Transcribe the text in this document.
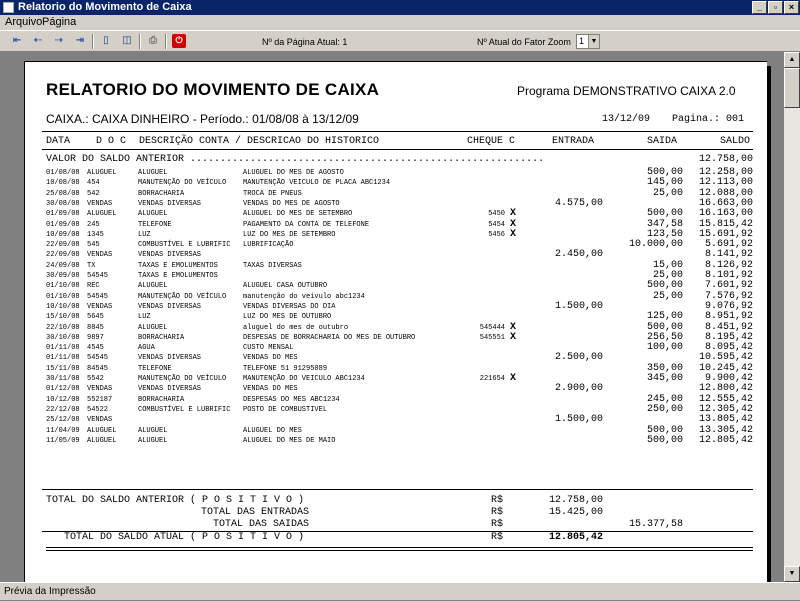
Relatorio do Movimento de Caixa	_	▫	×
Arquivo Página
⇤ ⇠ ⇢ ⇥	▯	◫	⎙	⏻	Nº da Página Atual: 1	Nº Atual do Fator Zoom 1 ▼
▲
▼
Prévia da Impressão
RELATORIO DO MOVIMENTO DE CAIXA	Programa DEMONSTRATIVO CAIXA 2.0
CAIXA.: CAIXA DINHEIRO - Período.: 01/08/08 à 13/12/09	13/12/09 Pagina.: 001
DATA	D O C DESCRIÇÃO CONTA / DESCRICAO DO HISTORICO	CHEQUE C	ENTRADA	SAIDA	SALDO
VALOR DO SALDO ANTERIOR ...........................................................	12.758,00
01/08/08 ALUGUEL	ALUGUEL	ALUGUEL DO MES DE AGOSTO	500,00	12.258,00
10/08/08 454	MANUTENÇÃO DO VEÍCULO MANUTENÇÃO VEICULO DE PLACA ABC1234	145,00	12.113,00
25/08/08 542	BORRACHARIA	TROCA DE PNEUS	25,00	12.088,00
30/08/08 VENDAS	VENDAS DIVERSAS	VENDAS DO MES DE AGOSTO	4.575,00	16.663,00
01/09/08 ALUGUEL	ALUGUEL	ALUGUEL DO MES DE SETEMBRO	5450 X	500,00	16.163,00
01/09/08 245	TELEFONE	PAGAMENTO DA CONTA DE TELEFONE	5454 X	347,58	15.815,42
10/09/08 1345	LUZ	LUZ DO MES DE SETEMBRO	5456 X	123,50	15.691,92
22/09/08 545	COMBUSTÍVEL E LUBRIFIC LUBRIFICAÇÃO	10.000,00	5.691,92
22/09/08 VENDAS	VENDAS DIVERSAS	2.450,00	8.141,92
24/09/08 TX	TAXAS E EMOLUMENTOS	TAXAS DIVERSAS	15,00	8.126,92
30/09/08 54545	TAXAS E EMOLUMENTOS	25,00	8.101,92
01/10/08 REC	ALUGUEL	ALUGUEL CASA OUTUBRO	500,00	7.601,92
01/10/08 54545	MANUTENÇÃO DO VEÍCULO manutenção do veivulo abc1234	25,00	7.576,92
10/10/08 VENDAS	VENDAS DIVERSAS	VENDAS DIVERSAS DO DIA	1.500,00	9.076,92
15/10/08 5645	LUZ	LUZ DO MES DE OUTUBRO	125,00	8.951,92
22/10/08 8845	ALUGUEL	aluguel do mes de outubro	545444 X	500,00	8.451,92
30/10/08 9897	BORRACHARIA	DESPESAS DE BORRACHARIA DO MES DE OUTUBRO	545551 X	256,50	8.195,42
01/11/08 4545	AGUA	CUSTO MENSAL	100,00	8.095,42
01/11/08 54545	VENDAS DIVERSAS	VENDAS DO MES	2.500,00	10.595,42
15/11/08 84545	TELEFONE	TELEFONE 51 91295089	350,00	10.245,42
30/11/08 5542	MANUTENÇÃO DO VEÍCULO MANUTENÇÃO DO VEICULO ABC1234	221654 X	345,00	9.900,42
01/12/08 VENDAS	VENDAS DIVERSAS	VENDAS DO MES	2.900,00	12.800,42
10/12/08 552187	BORRACHARIA	DESPESAS DO MES ABC1234	245,00	12.555,42
22/12/08 54522	COMBUSTÍVEL E LUBRIFIC POSTO DE COMBUSTIVEL	250,00	12.305,42
25/12/08 VENDAS	1.500,00	13.805,42
11/04/09 ALUGUEL	ALUGUEL	ALUGUEL DO MES	500,00	13.305,42
11/05/09 ALUGUEL	ALUGUEL	ALUGUEL DO MES DE MAIO	500,00	12.805,42
TOTAL DO SALDO ANTERIOR ( P O S I T I V O )	R$	12.758,00
TOTAL DAS ENTRADAS	R$	15.425,00
TOTAL DAS SAIDAS	R$	15.377,58
TOTAL DO SALDO ATUAL ( P O S I T I V O )	R$	12.805,42
